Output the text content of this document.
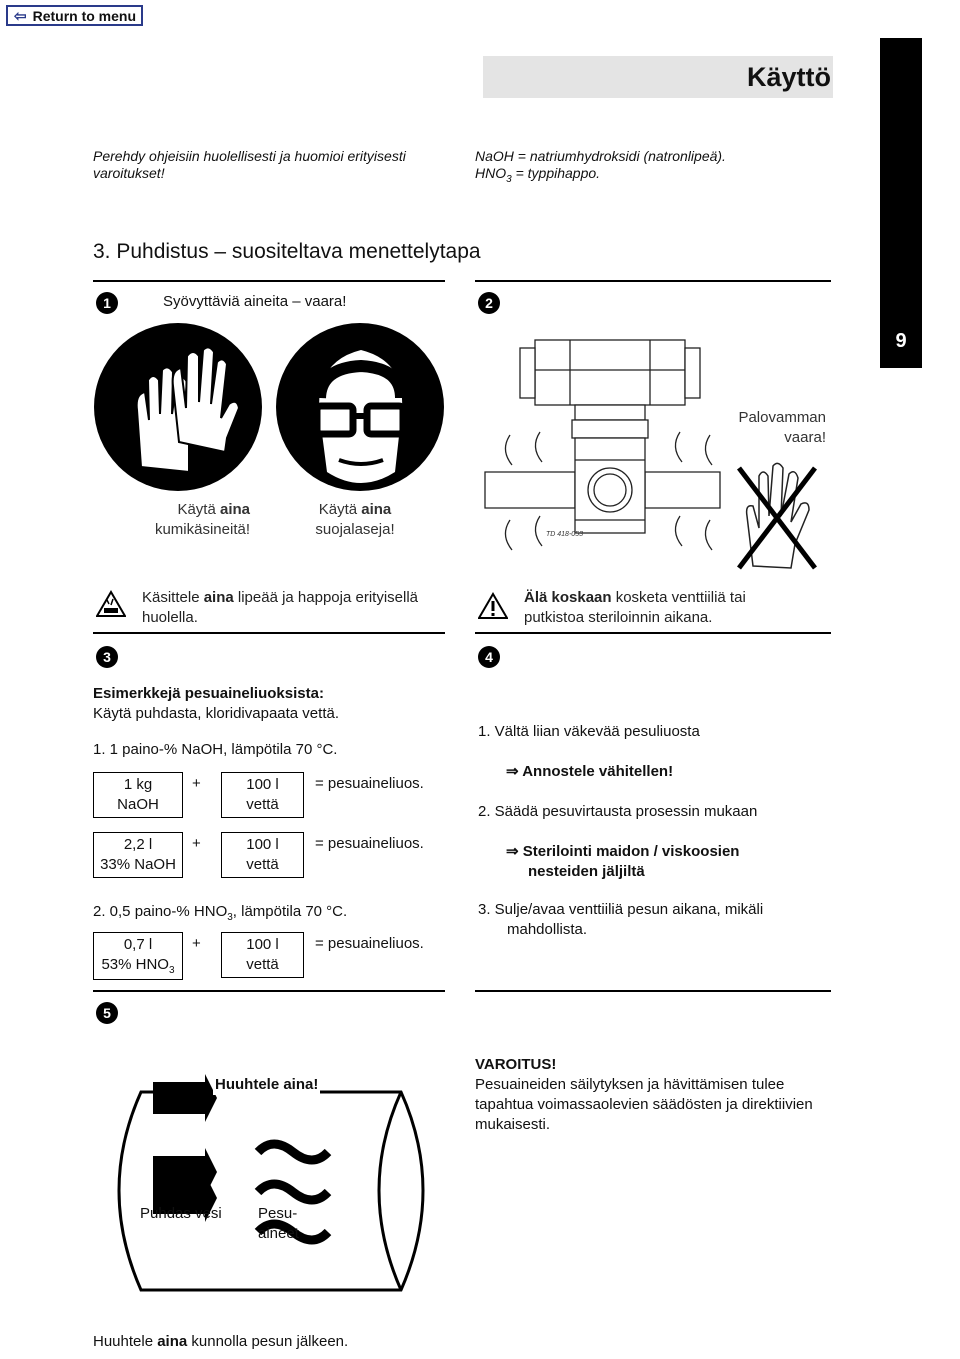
⇦ Return to menu
9
Käyttö
Perehdy ohjeisiin huolellisesti ja huomioi erityisesti
varoitukset!
NaOH = natriumhydroksidi (natronlipeä).
$HNO_3$ = typpihappo.
3. Puhdistus – suositeltava menettelytapa
1	Syövyttäviä aineita – vaara!
Käytä aina
kumikäsineitä!
Käytä aina
suojalaseja!
2
TD 418-053
Palovamman
vaara!
Käsittele aina lipeää ja happoja erityisellä
huolella.
Älä koskaan kosketa venttiiliä tai
putkistoa steriloinnin aikana.
3	4
Esimerkkejä pesuaineliuoksista:
Käytä puhdasta, kloridivapaata vettä.
1. 1 paino-% NaOH, lämpötila 70 °C.
1 kg
NaOH
+	100 l
vettä
= pesuaineliuos.
2,2 l
33% NaOH
+	100 l
vettä
= pesuaineliuos.
2. 0,5 paino-% $HNO_3$, lämpötila 70 °C.
0,7 l
53% $HNO_3$
+	100 l
vettä
= pesuaineliuos.
1. Vältä liian väkevää pesuliuosta
⇒ Annostele vähitellen!
2. Säädä pesuvirtausta prosessin mukaan
⇒ Sterilointi maidon / viskoosien
nesteiden jäljiltä
3. Sulje/avaa venttiiliä pesun aikana, mikäli
mahdollista.
5
Huuhtele aina!
Puhdas vesi Pesu-
aineet
Huuhtele aina kunnolla pesun jälkeen.
VAROITUS!
Pesuaineiden säilytyksen ja hävittämisen tulee
tapahtua voimassaolevien säädösten ja direktiivien
mukaisesti.
